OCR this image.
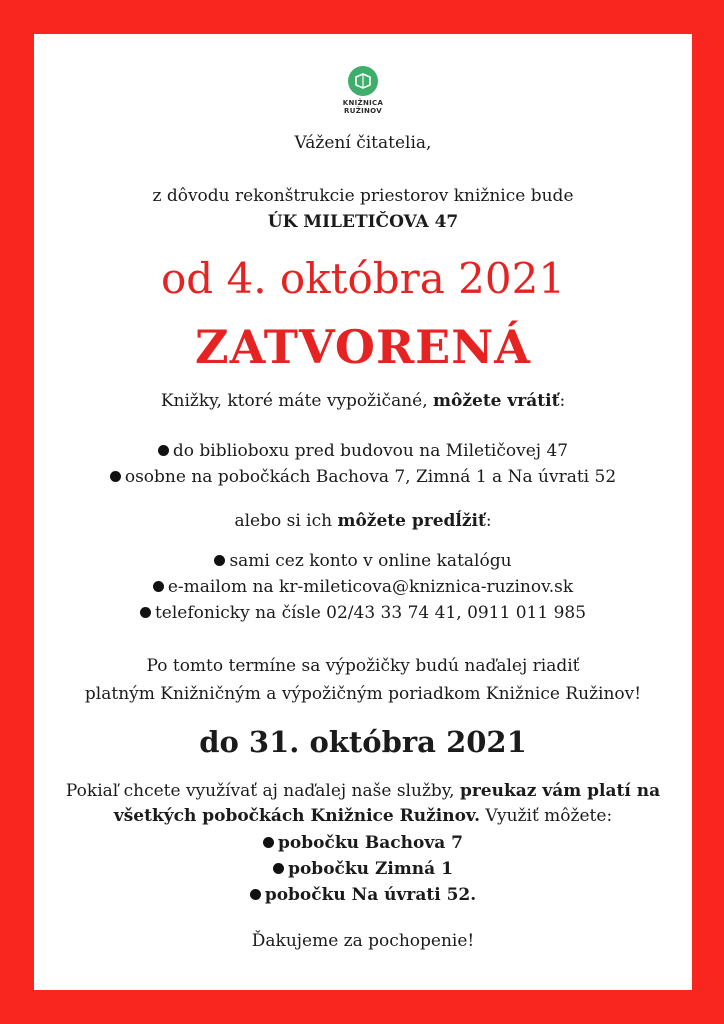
KNIŽNICA
RUŽINOV
Vážení čitatelia,
z dôvodu rekonštrukcie priestorov knižnice bude
ÚK MILETIČOVA 47
od 4. októbra 2021
ZATVORENÁ
Knižky, ktoré máte vypožičané, môžete vrátiť:
do biblioboxu pred budovou na Miletičovej 47
osobne na pobočkách Bachova 7, Zimná 1 a Na úvrati 52
alebo si ich môžete predĺžiť:
sami cez konto v online katalógu
e-mailom na kr-mileticova@kniznica-ruzinov.sk
telefonicky na čísle 02/43 33 74 41, 0911 011 985
Po tomto termíne sa výpožičky budú naďalej riadiť
platným Knižničným a výpožičným poriadkom Knižnice Ružinov!
do 31. októbra 2021
Pokiaľ chcete využívať aj naďalej naše služby, preukaz vám platí na
všetkých pobočkách Knižnice Ružinov. Využiť môžete:
pobočku Bachova 7
pobočku Zimná 1
pobočku Na úvrati 52.
Ďakujeme za pochopenie!
